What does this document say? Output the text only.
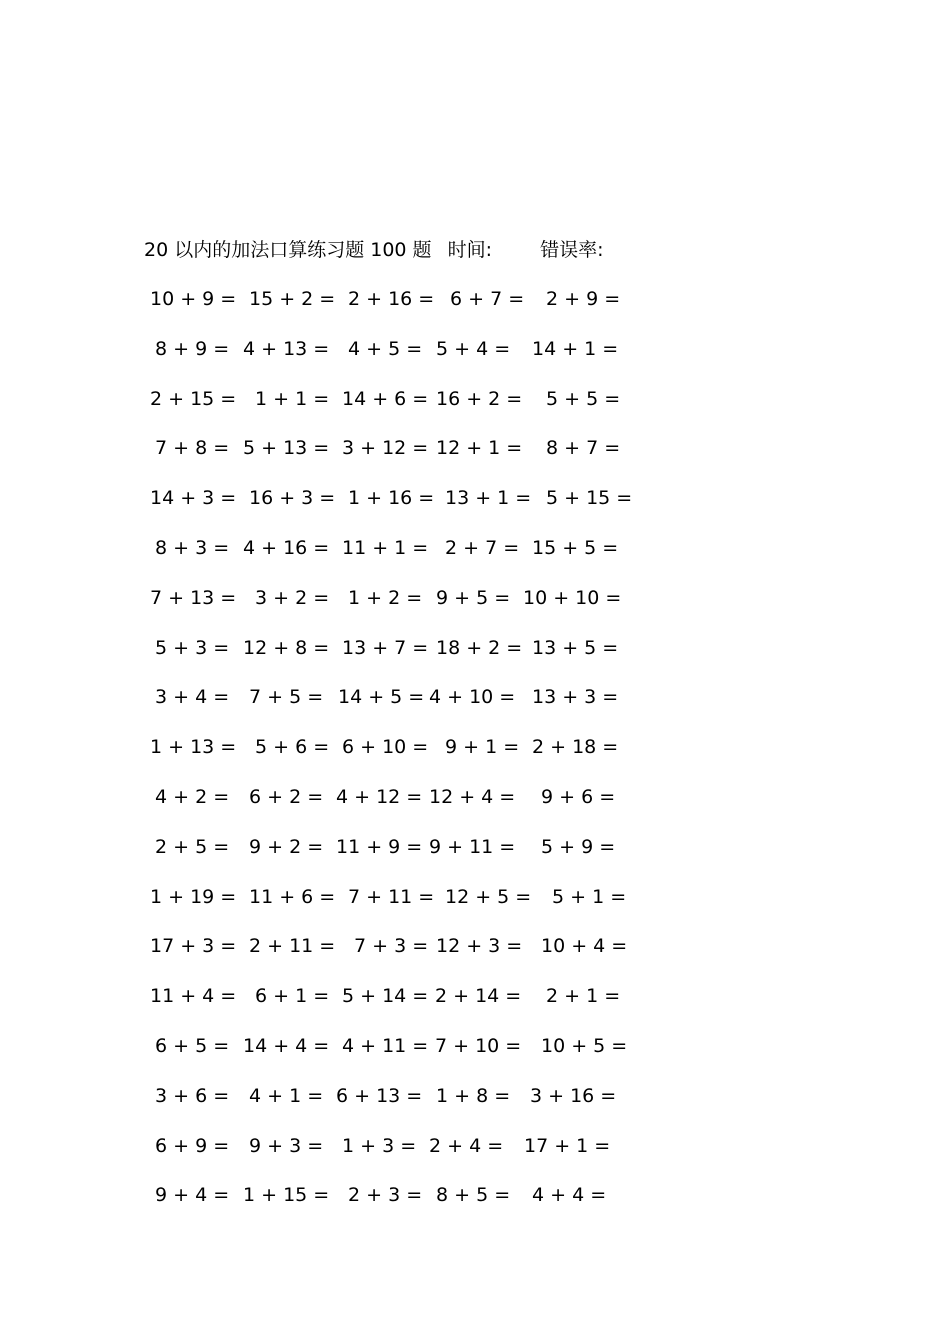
20 以内的加法口算练习题 100 题 时间:	错误率:
10 + 9 = 15 + 2 = 2 + 16 = 6 + 7 = 2 + 9 =
8 + 9 = 4 + 13 = 4 + 5 = 5 + 4 = 14 + 1 =
2 + 15 = 1 + 1 = 14 + 6 = 16 + 2 = 5 + 5 =
7 + 8 = 5 + 13 = 3 + 12 = 12 + 1 = 8 + 7 =
14 + 3 = 16 + 3 = 1 + 16 = 13 + 1 = 5 + 15 =
8 + 3 = 4 + 16 = 11 + 1 = 2 + 7 = 15 + 5 =
7 + 13 = 3 + 2 = 1 + 2 = 9 + 5 = 10 + 10 =
5 + 3 = 12 + 8 = 13 + 7 = 18 + 2 = 13 + 5 =
3 + 4 = 7 + 5 = 14 + 5 = 4 + 10 = 13 + 3 =
1 + 13 = 5 + 6 = 6 + 10 = 9 + 1 = 2 + 18 =
4 + 2 = 6 + 2 = 4 + 12 = 12 + 4 = 9 + 6 =
2 + 5 = 9 + 2 = 11 + 9 = 9 + 11 = 5 + 9 =
1 + 19 = 11 + 6 = 7 + 11 = 12 + 5 = 5 + 1 =
17 + 3 = 2 + 11 = 7 + 3 = 12 + 3 = 10 + 4 =
11 + 4 = 6 + 1 = 5 + 14 = 2 + 14 = 2 + 1 =
6 + 5 = 14 + 4 = 4 + 11 = 7 + 10 = 10 + 5 =
3 + 6 = 4 + 1 = 6 + 13 = 1 + 8 = 3 + 16 =
6 + 9 = 9 + 3 = 1 + 3 = 2 + 4 = 17 + 1 =
9 + 4 = 1 + 15 = 2 + 3 = 8 + 5 = 4 + 4 =
